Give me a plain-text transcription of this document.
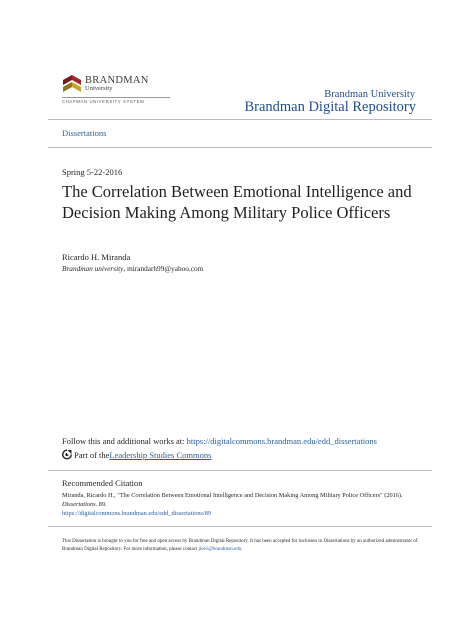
BRANDMAN
University
CHAPMAN UNIVERSITY SYSTEM
Brandman University
Brandman Digital Repository
Dissertations
Spring 5-22-2016
The Correlation Between Emotional Intelligence and Decision Making Among Military Police Officers
Ricardo H. Miranda
Brandman university, mirandarh99@yahoo.com
Follow this and additional works at: https://digitalcommons.brandman.edu/edd_dissertations
Part of the Leadership Studies Commons
Recommended Citation
Miranda, Ricardo H., "The Correlation Between Emotional Intelligence and Decision Making Among Military Police Officers" (2016). Dissertations. 89.
https://digitalcommons.brandman.edu/edd_dissertations/89
This Dissertation is brought to you for free and open access by Brandman Digital Repository. It has been accepted for inclusion in Dissertations by an authorized administrator of Brandman Digital Repository. For more information, please contact jlee1@brandman.edu.
